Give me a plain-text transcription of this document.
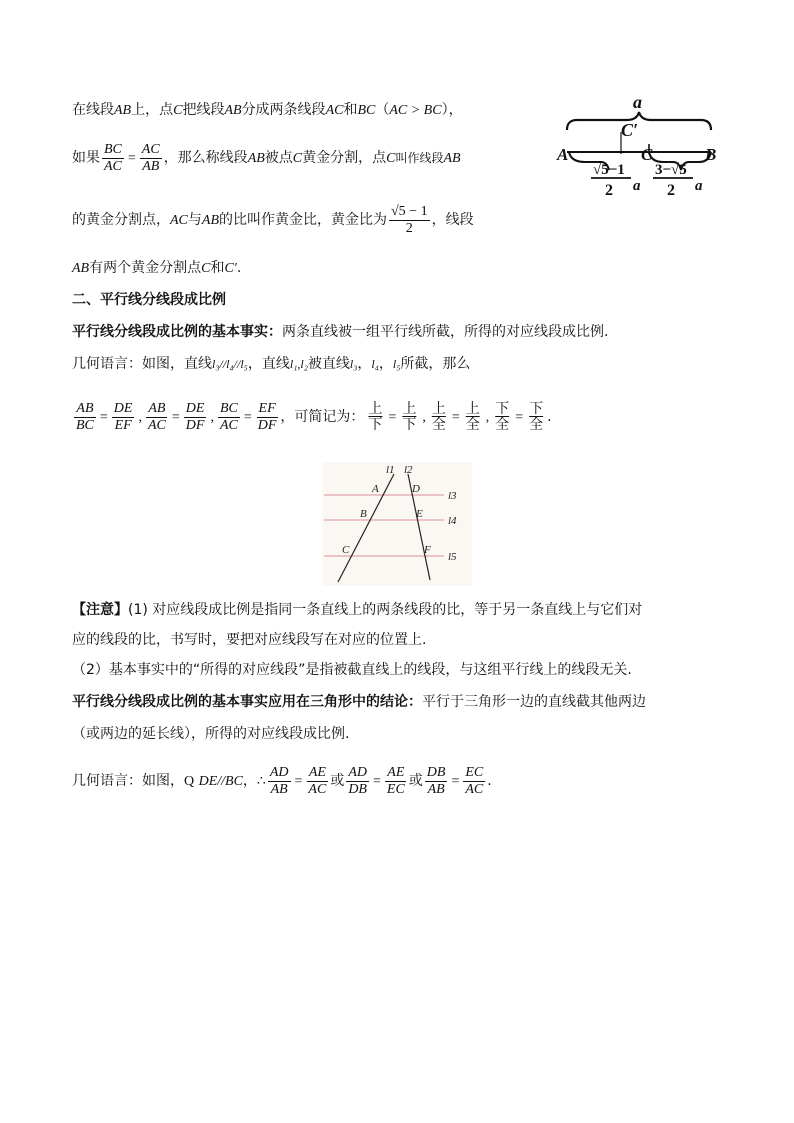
在线段AB上，点C把线段AB分成两条线段AC和BC（AC > BC），
如果 $\frac{BC}{AC} = \frac{AC}{AB}$ ，那么称线段AB被点C黄金分割，点C叫作线段AB
的黄金分割点，AC与AB的比叫作黄金比，黄金比为 $\frac{√5 - 1}{2}$ ，线段
AB有两个黄金分割点C和C′.
a
C′
A	C	B
√5−1
2 a
3−√5
2 a
二、平行线分线段成比例
平行线分线段成比例的基本事实：两条直线被一组平行线所截，所得的对应线段成比例.
几何语言：如图，直线l₃//l₄//l₅，直线l₁,l₂被直线l₃，l₄，l₅所截，那么
$\frac{AB}{BC} = \frac{DE}{EF}$ , $\frac{AB}{AC} = \frac{DE}{DF}$ , $\frac{BC}{AC} = \frac{EF}{DF}$ ，可简记为： $\frac{\text{上}}{\text{下}} = \frac{\text{上}}{\text{下}}$ , $\frac{\text{上}}{\text{全}} = \frac{\text{上}}{\text{全}}$ , $\frac{\text{下}}{\text{全}} = \frac{\text{下}}{\text{全}}$ .
l1 l2
l3
l4
l5
A	D
B	E
C	F
【注意】(1) 对应线段成比例是指同一条直线上的两条线段的比，等于另一条直线上与它们对
应的线段的比，书写时，要把对应线段写在对应的位置上.
（2）基本事实中的“所得的对应线段”是指被截直线上的线段，与这组平行线上的线段无关.
平行线分线段成比例的基本事实应用在三角形中的结论：平行于三角形一边的直线截其他两边
（或两边的延长线），所得的对应线段成比例.
几何语言：如图，Q DE//BC，∴ $\frac{AD}{AB} = \frac{AE}{AC}$ 或 $\frac{AD}{DB} = \frac{AE}{EC}$ 或 $\frac{DB}{AB} = \frac{EC}{AC}$ .
